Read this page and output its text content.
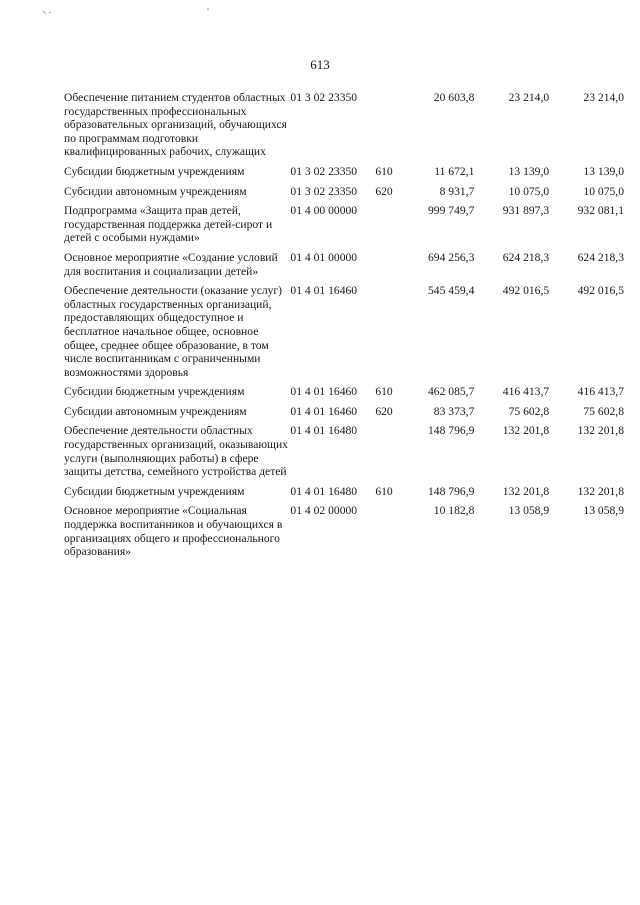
613
Обеспечение питанием студентов областных государственных профессиональных образовательных организаций, обучающихся по программам подготовки квалифицированных рабочих, служащих	01 3 02 23350		20 603,8	23 214,0	23 214,0
Субсидии бюджетным учреждениям	01 3 02 23350	610	11 672,1	13 139,0	13 139,0
Субсидии автономным учреждениям	01 3 02 23350	620	8 931,7	10 075,0	10 075,0
Подпрограмма «Защита прав детей, государственная поддержка детей-сирот и детей с особыми нуждами»	01 4 00 00000		999 749,7	931 897,3	932 081,1
Основное мероприятие «Создание условий для воспитания и социализации детей»	01 4 01 00000		694 256,3	624 218,3	624 218,3
Обеспечение деятельности (оказание услуг) областных государственных организаций, предоставляющих общедоступное и бесплатное начальное общее, основное общее, среднее общее образование, в том числе воспитанникам с ограниченными возможностями здоровья	01 4 01 16460		545 459,4	492 016,5	492 016,5
Субсидии бюджетным учреждениям	01 4 01 16460	610	462 085,7	416 413,7	416 413,7
Субсидии автономным учреждениям	01 4 01 16460	620	83 373,7	75 602,8	75 602,8
Обеспечение деятельности областных государственных организаций, оказывающих услуги (выполняющих работы) в сфере защиты детства, семейного устройства детей	01 4 01 16480		148 796,9	132 201,8	132 201,8
Субсидии бюджетным учреждениям	01 4 01 16480	610	148 796,9	132 201,8	132 201,8
Основное мероприятие «Социальная поддержка воспитанников и обучающихся в организациях общего и профессионального образования»	01 4 02 00000		10 182,8	13 058,9	13 058,9
